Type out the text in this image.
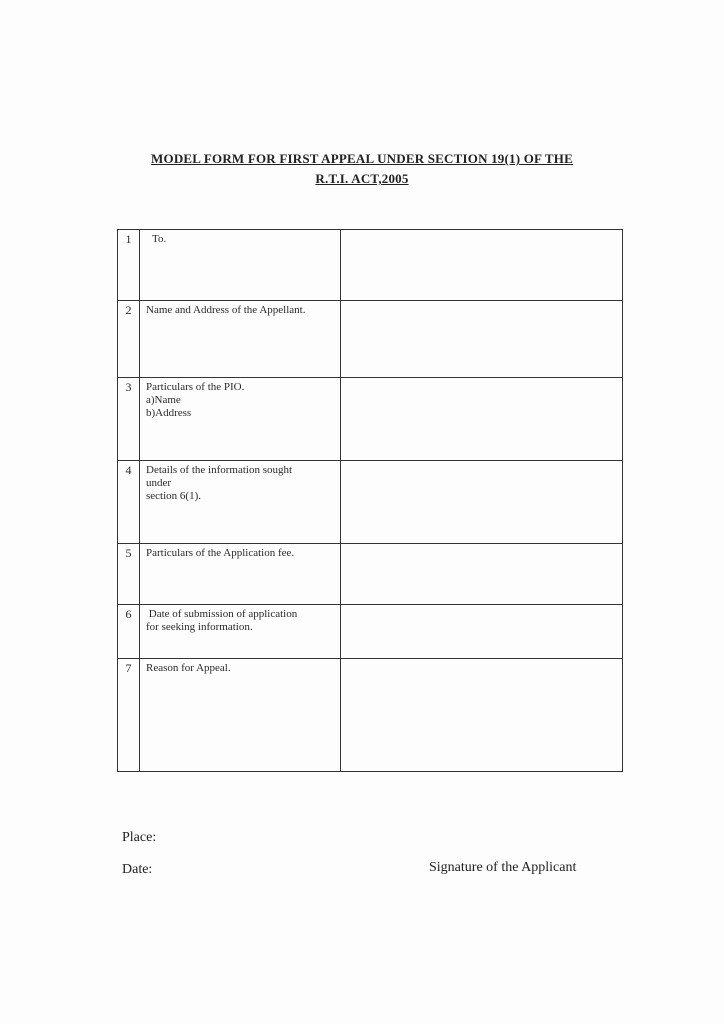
MODEL FORM FOR FIRST APPEAL UNDER SECTION 19(1) OF THE
R.T.I. ACT,2005
1	To.	

2	Name and Address of the Appellant.	

3	Particulars of the PIO.
a)Name
b)Address	

4	Details of the information sought
under
section 6(1).	

5	Particulars of the Application fee.	

6	Date of submission of application
for seeking information.	

7	Reason for Appeal.	

Place:
Date:	Signature of the Applicant
